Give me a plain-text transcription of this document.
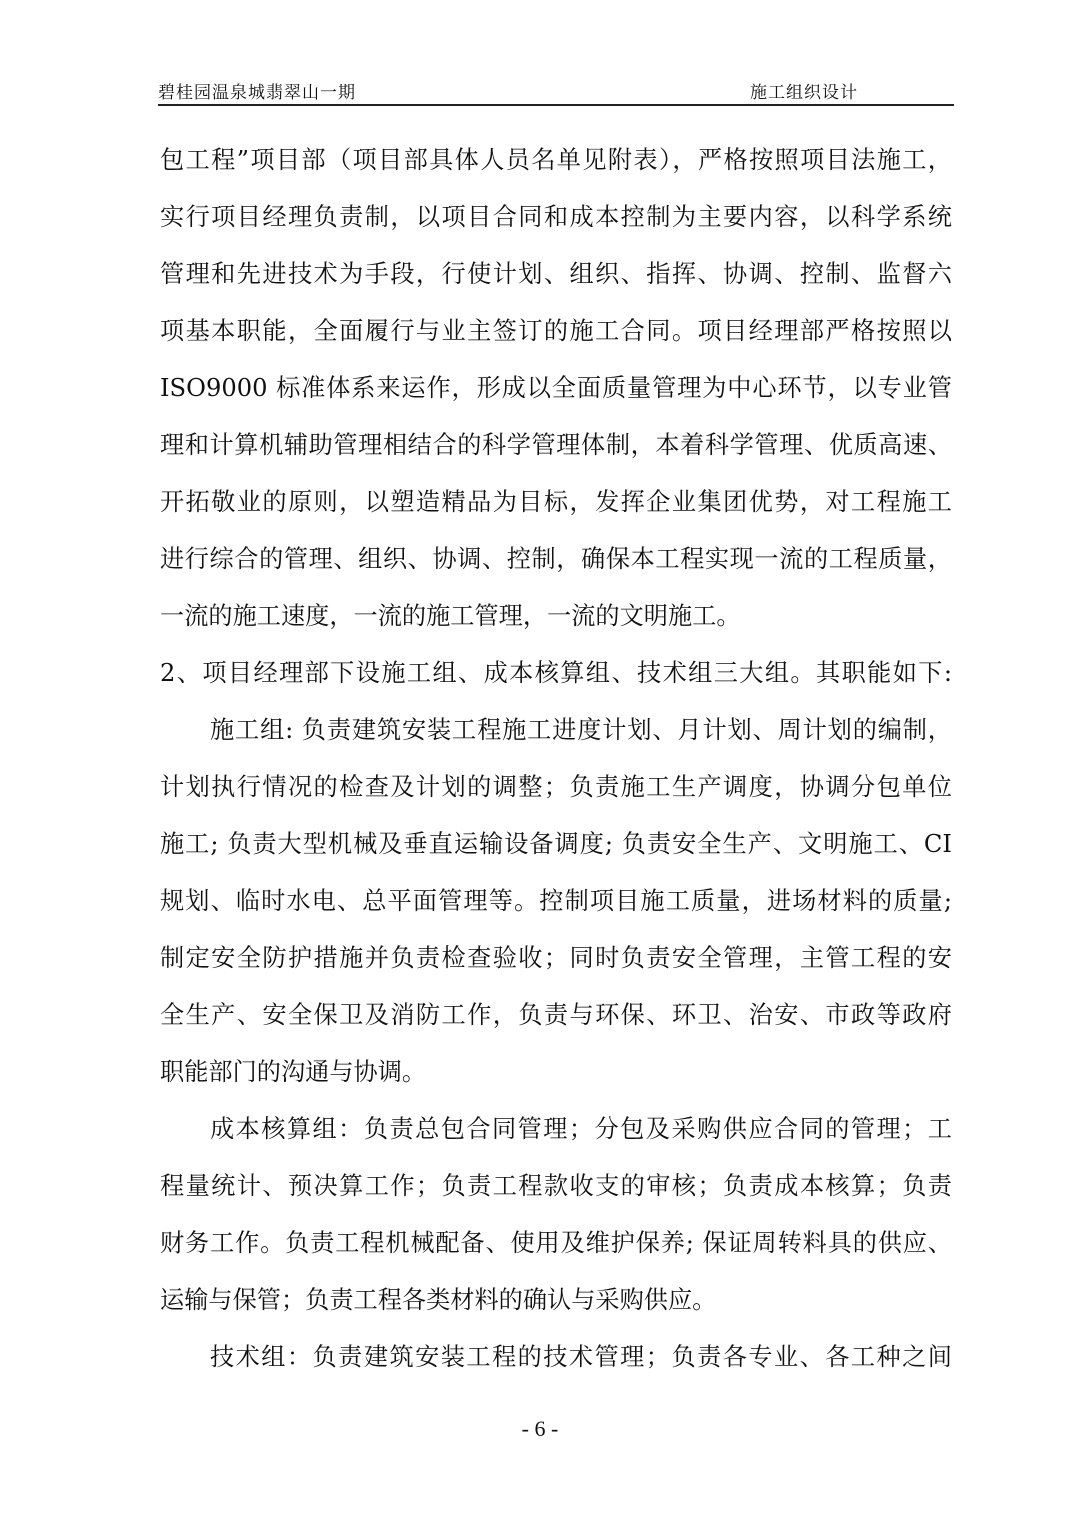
碧桂园温泉城翡翠山一期	施工组织设计
包工程”项目部（项目部具体人员名单见附表），严格按照项目法施工，
实行项目经理负责制，以项目合同和成本控制为主要内容，以科学系统
管理和先进技术为手段，行使计划、组织、指挥、协调、控制、监督六
项基本职能，全面履行与业主签订的施工合同。项目经理部严格按照以
ISO9000 标准体系来运作，形成以全面质量管理为中心环节，以专业管
理和计算机辅助管理相结合的科学管理体制，本着科学管理、优质高速、
开拓敬业的原则，以塑造精品为目标，发挥企业集团优势，对工程施工
进行综合的管理、组织、协调、控制，确保本工程实现一流的工程质量，
一流的施工速度，一流的施工管理，一流的文明施工。
2、项目经理部下设施工组、成本核算组、技术组三大组。其职能如下:
施工组: 负责建筑安装工程施工进度计划、月计划、周计划的编制，
计划执行情况的检查及计划的调整；负责施工生产调度，协调分包单位
施工; 负责大型机械及垂直运输设备调度; 负责安全生产、文明施工、CI
规划、临时水电、总平面管理等。控制项目施工质量，进场材料的质量;
制定安全防护措施并负责检查验收；同时负责安全管理，主管工程的安
全生产、安全保卫及消防工作，负责与环保、环卫、治安、市政等政府
职能部门的沟通与协调。
成本核算组：负责总包合同管理；分包及采购供应合同的管理；工
程量统计、预决算工作；负责工程款收支的审核；负责成本核算；负责
财务工作。负责工程机械配备、使用及维护保养; 保证周转料具的供应、
运输与保管；负责工程各类材料的确认与采购供应。
技术组：负责建筑安装工程的技术管理；负责各专业、各工种之间
- 6 -
